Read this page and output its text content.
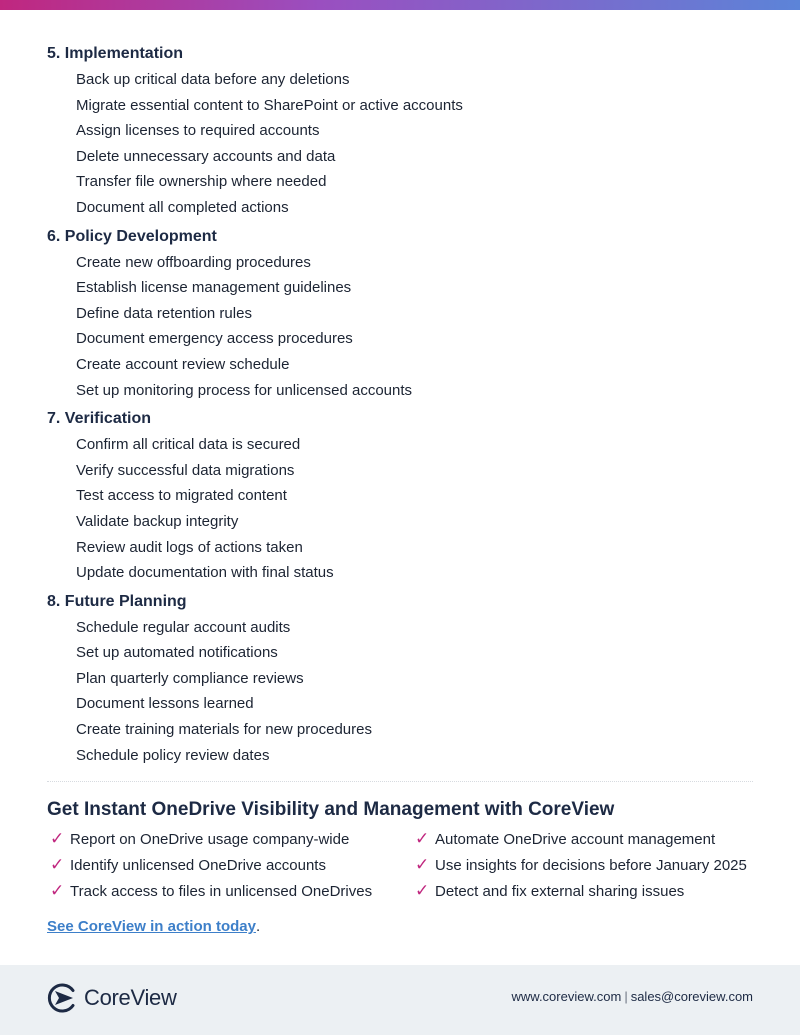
5. Implementation
Back up critical data before any deletions
Migrate essential content to SharePoint or active accounts
Assign licenses to required accounts
Delete unnecessary accounts and data
Transfer file ownership where needed
Document all completed actions
6. Policy Development
Create new offboarding procedures
Establish license management guidelines
Define data retention rules
Document emergency access procedures
Create account review schedule
Set up monitoring process for unlicensed accounts
7. Verification
Confirm all critical data is secured
Verify successful data migrations
Test access to migrated content
Validate backup integrity
Review audit logs of actions taken
Update documentation with final status
8. Future Planning
Schedule regular account audits
Set up automated notifications
Plan quarterly compliance reviews
Document lessons learned
Create training materials for new procedures
Schedule policy review dates
Get Instant OneDrive Visibility and Management with CoreView
✓ Report on OneDrive usage company-wide	✓ Automate OneDrive account management
✓ Identify unlicensed OneDrive accounts	✓ Use insights for decisions before January 2025
✓ Track access to files in unlicensed OneDrives	✓ Detect and fix external sharing issues
See CoreView in action today.
CoreView	www.coreview.com | sales@coreview.com
